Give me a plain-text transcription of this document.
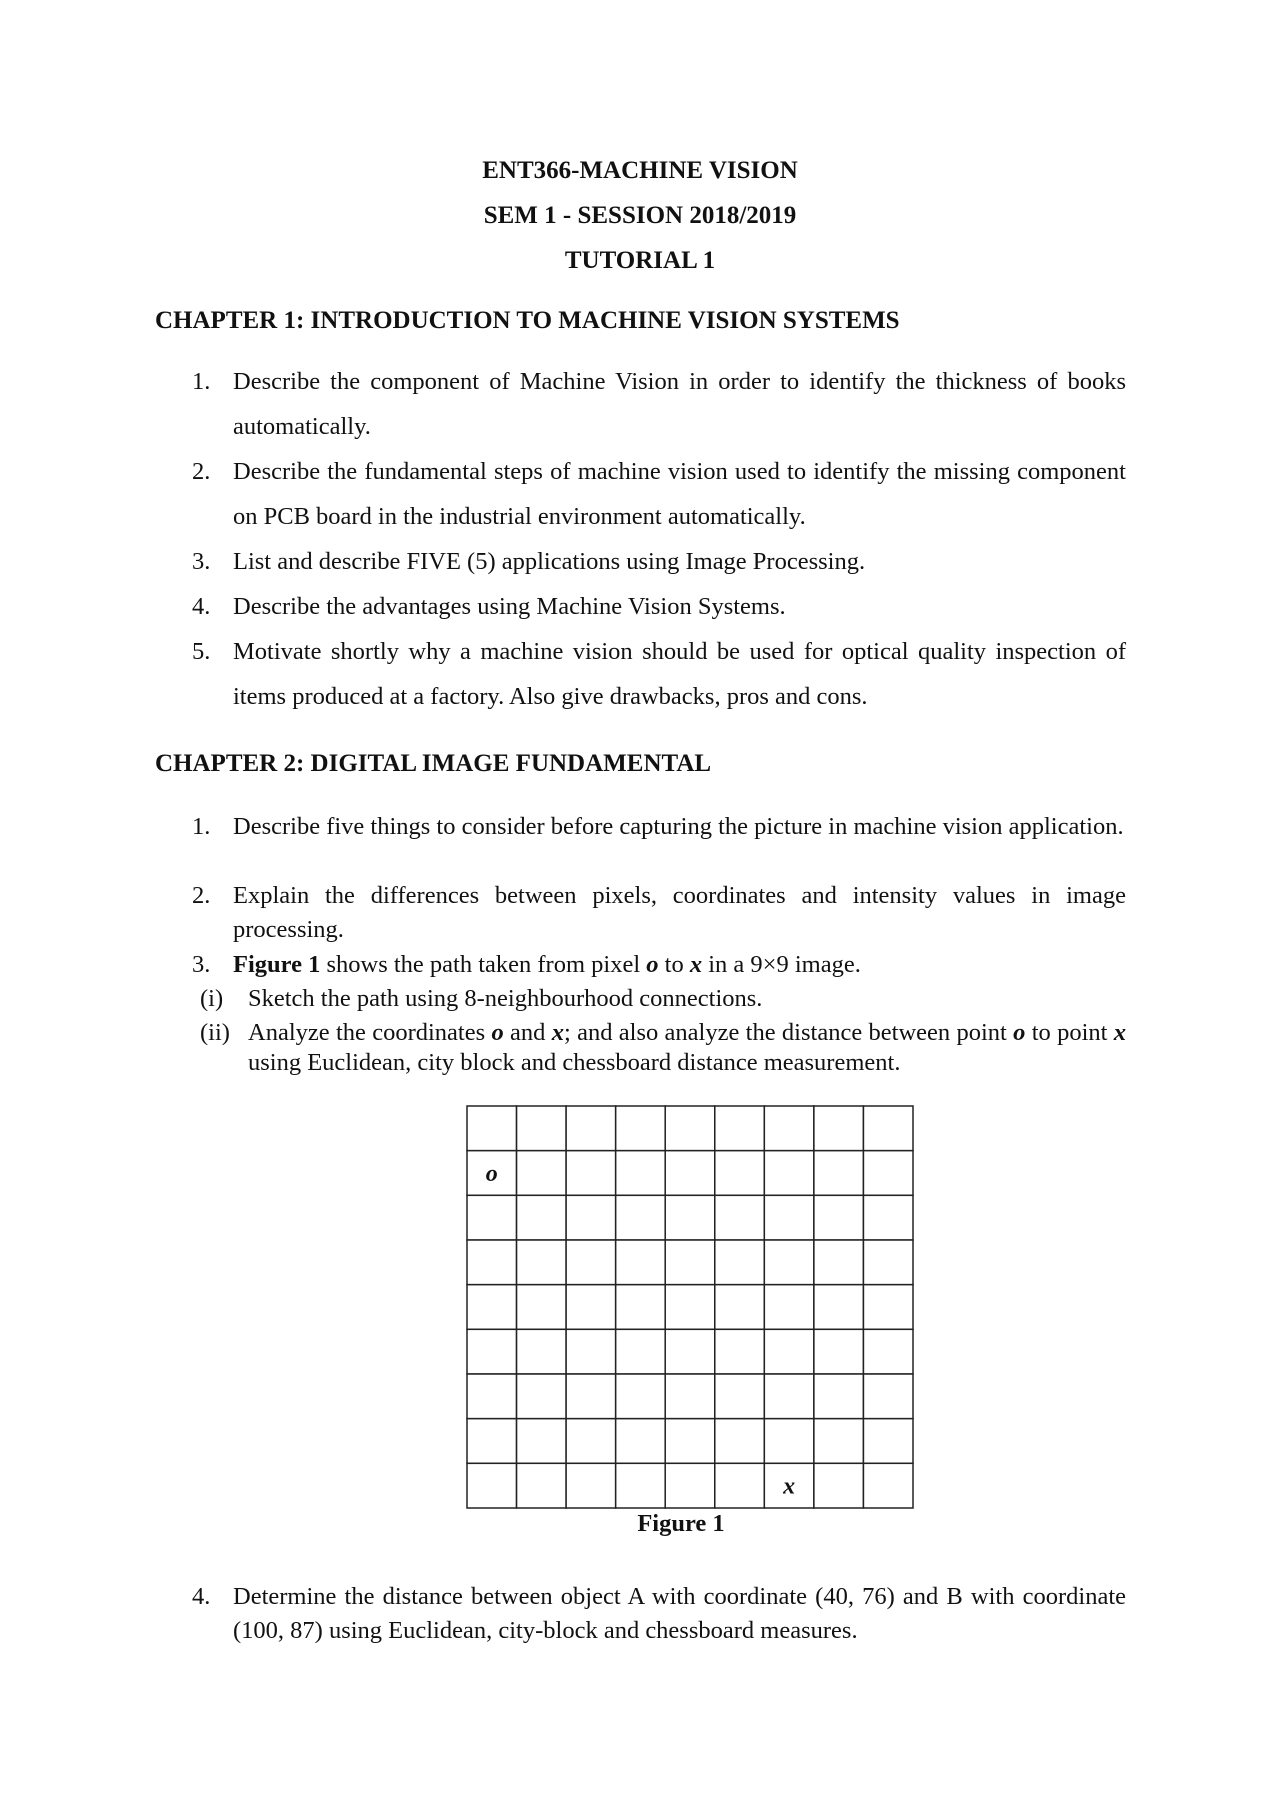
ENT366-MACHINE VISION
SEM 1 - SESSION 2018/2019
TUTORIAL 1
CHAPTER 1: INTRODUCTION TO MACHINE VISION SYSTEMS
1. Describe the component of Machine Vision in order to identify the thickness of books automatically.
2. Describe the fundamental steps of machine vision used to identify the missing component on PCB board in the industrial environment automatically.
3. List and describe FIVE (5) applications using Image Processing.
4. Describe the advantages using Machine Vision Systems.
5. Motivate shortly why a machine vision should be used for optical quality inspection of items produced at a factory. Also give drawbacks, pros and cons.
CHAPTER 2: DIGITAL IMAGE FUNDAMENTAL
1. Describe five things to consider before capturing the picture in machine vision application.
2. Explain the differences between pixels, coordinates and intensity values in image processing.
3. Figure 1 shows the path taken from pixel o to x in a 9×9 image.
(i) Sketch the path using 8-neighbourhood connections.
(ii) Analyze the coordinates o and x; and also analyze the distance between point o to point x using Euclidean, city block and chessboard distance measurement.
o
x
Figure 1
4. Determine the distance between object A with coordinate (40, 76) and B with coordinate (100, 87) using Euclidean, city-block and chessboard measures.
